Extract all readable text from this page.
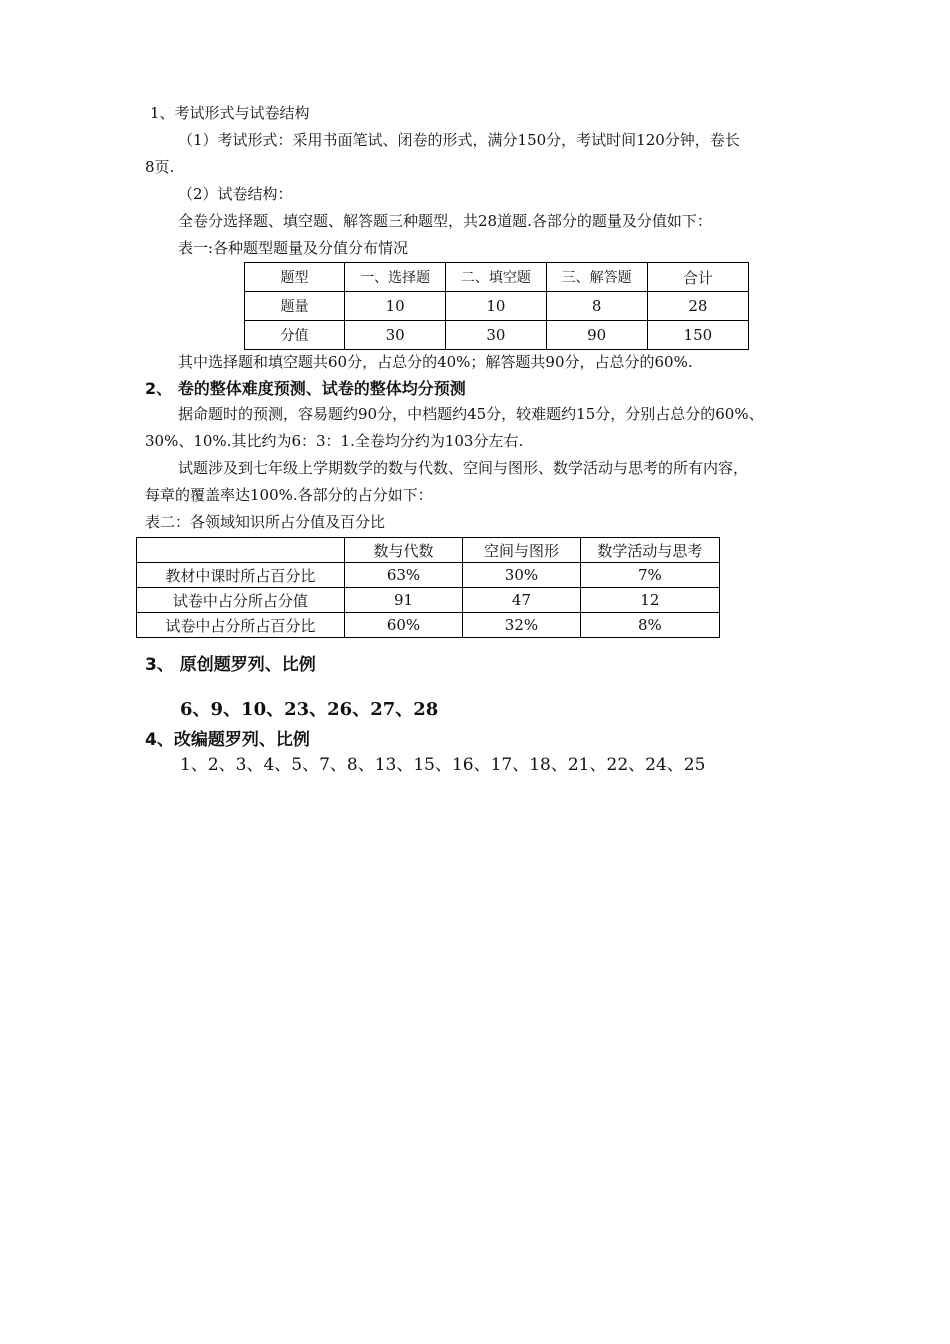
1、考试形式与试卷结构
（1）考试形式：采用书面笔试、闭卷的形式，满分150分，考试时间120分钟，卷长
8页.
（2）试卷结构：
全卷分选择题、填空题、解答题三种题型，共28道题.各部分的题量及分值如下：
表一:各种题型题量及分值分布情况
题型	一、选择题	二、填空题	三、解答题	合计
题量	10	10	8	28
分值	30	30	90	150
其中选择题和填空题共60分，占总分的40%；解答题共90分，占总分的60%.
2、 卷的整体难度预测、试卷的整体均分预测
据命题时的预测，容易题约90分，中档题约45分，较难题约15分，分别占总分的60%、
30%、10%.其比约为6：3：1.全卷均分约为103分左右.
试题涉及到七年级上学期数学的数与代数、空间与图形、数学活动与思考的所有内容，
每章的覆盖率达100%.各部分的占分如下：
表二：各领域知识所占分值及百分比
	数与代数	空间与图形	数学活动与思考
教材中课时所占百分比	63%	30%	7%
试卷中占分所占分值	91	47	12
试卷中占分所占百分比	60%	32%	8%
3、 原创题罗列、比例
6、9、10、23、26、27、28
4、改编题罗列、比例
1、2、3、4、5、7、8、13、15、16、17、18、21、22、24、25
